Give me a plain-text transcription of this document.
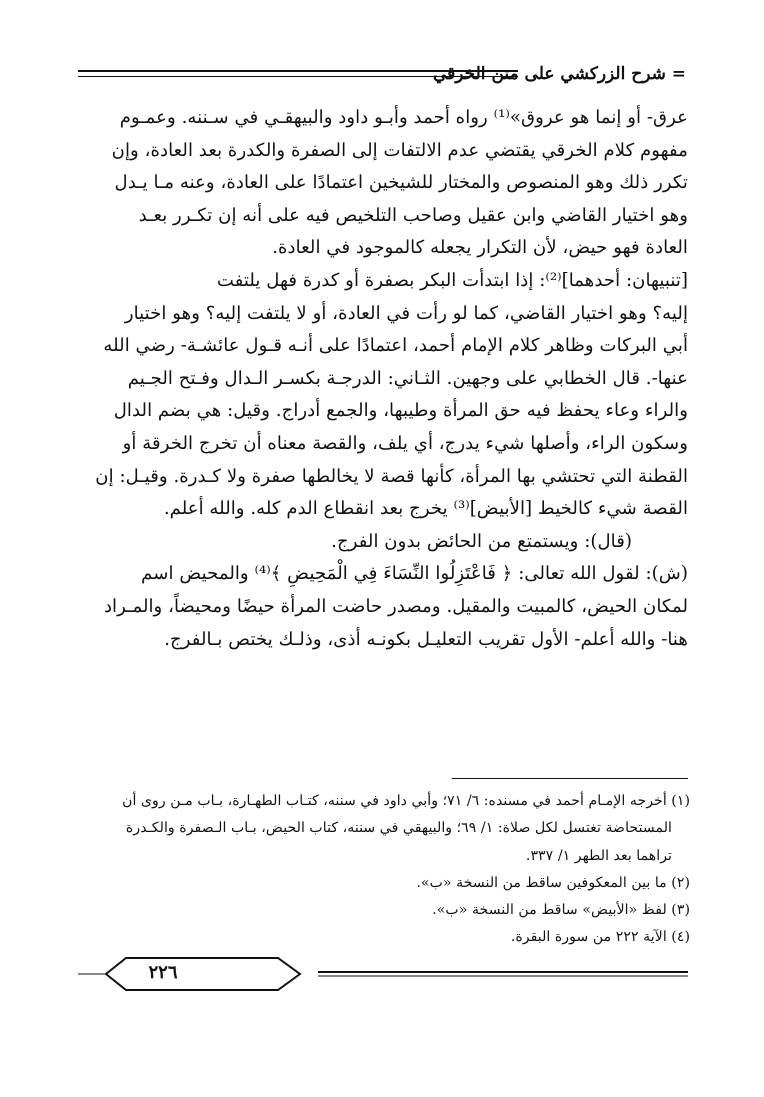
= شرح الزركشي على متن الخرقي

عرق- أو إنما هو عروق»⁽¹⁾ رواه أحمد وأبـو داود والبيهقـي في سـننه. وعمـوم

مفهوم كلام الخرقي يقتضي عدم الالتفات إلى الصفرة والكدرة بعد العادة، وإن

تكرر ذلك وهو المنصوص والمختار للشيخين اعتمادًا على العادة، وعنه مـا يـدل

وهو اختيار القاضي وابن عقيل وصاحب التلخيص فيه على أنه إن تكـرر بعـد

العادة فهو حيض، لأن التكرار يجعله كالموجود في العادة.

[تنبيهان: أحدهما]⁽²⁾: إذا ابتدأت البكر بصفرة أو كدرة فهل يلتفت

إليه؟ وهو اختيار القاضي، كما لو رأت في العادة، أو لا يلتفت إليه؟ وهو اختيار

أبي البركات وظاهر كلام الإمام أحمد، اعتمادًا على أنـه قـول عائشـة- رضي الله

عنها-. قال الخطابي على وجهين. الثـاني: الدرجـة بكسـر الـدال وفـتح الجـيم

والراء وعاء يحفظ فيه حق المرأة وطيبها، والجمع أدراج. وقيل: هي بضم الدال

وسكون الراء، وأصلها شيء يدرج، أي يلف، والقصة معناه أن تخرج الخرقة أو

القطنة التي تحتشي بها المرأة، كأنها قصة لا يخالطها صفرة ولا كـدرة. وقيـل: إن

القصة شيء كالخيط [الأبيض]⁽³⁾ يخرج بعد انقطاع الدم كله. والله أعلم.

(قال): ويستمتع من الحائض بدون الفرج.

(ش): لقول الله تعالى: ﴿ فَاعْتَزِلُوا النِّسَاءَ فِي الْمَحِيضِ ﴾⁽⁴⁾ والمحيض اسم

لمكان الحيض، كالمبيت والمقيل. ومصدر حاضت المرأة حيضًا ومحيضاً، والمـراد

هنا- والله أعلم- الأول تقريب التعليـل بكونـه أذى، وذلـك يختص بـالفرج.

(١) أخرجه الإمـام أحمد في مسنده: ٦/ ٧١؛ وأبي داود في سننه، كتـاب الطهـارة، بـاب مـن روى أن

المستحاضة تغتسل لكل صلاة: ١/ ٦٩؛ والبيهقي في سننه، كتاب الحيض، بـاب الـصفرة والكـدرة

تراهما بعد الطهر ١/ ٣٣٧.

(٢) ما بين المعكوفين ساقط من النسخة «ب».

(٣) لفظ «الأبيض» ساقط من النسخة «ب».

(٤) الآية ٢٢٢ من سورة البقرة.

٢٢٦
